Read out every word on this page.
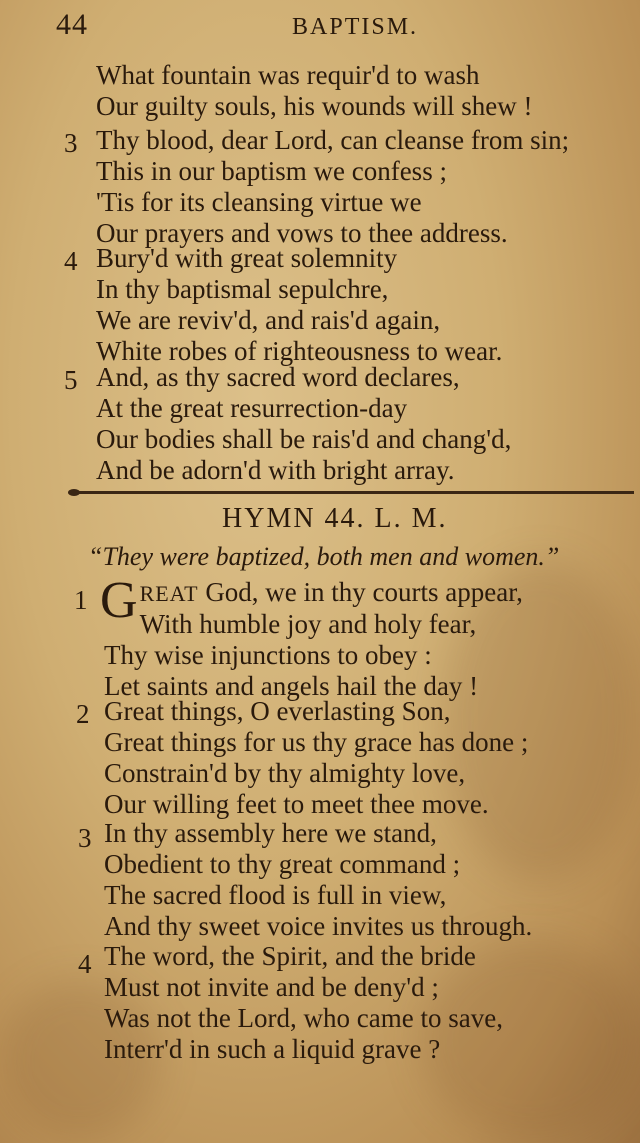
44	BAPTISM.
What fountain was requir'd to wash
Our guilty souls, his wounds will shew !
3 Thy blood, dear Lord, can cleanse from sin;
This in our baptism we confess ;
'Tis for its cleansing virtue we
Our prayers and vows to thee address.
4 Bury'd with great solemnity
In thy baptismal sepulchre,
We are reviv'd, and rais'd again,
White robes of righteousness to wear.
5 And, as thy sacred word declares,
At the great resurrection-day
Our bodies shall be rais'd and chang'd,
And be adorn'd with bright array.
HYMN 44. L. M.
“They were baptized, both men and women.”
1 G REAT God, we in thy courts appear,
With humble joy and holy fear,
Thy wise injunctions to obey :
Let saints and angels hail the day !
2 Great things, O everlasting Son,
Great things for us thy grace has done ;
Constrain'd by thy almighty love,
Our willing feet to meet thee move.
3 In thy assembly here we stand,
Obedient to thy great command ;
The sacred flood is full in view,
And thy sweet voice invites us through.
4 The word, the Spirit, and the bride
Must not invite and be deny'd ;
Was not the Lord, who came to save,
Interr'd in such a liquid grave ?
